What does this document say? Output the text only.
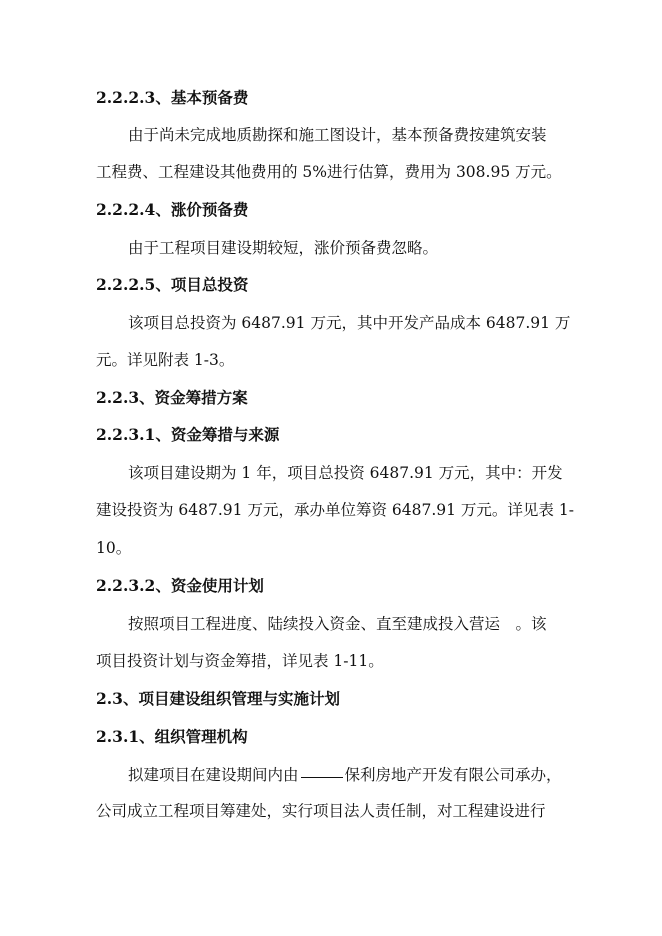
2.2.2.3、基本预备费
由于尚未完成地质勘探和施工图设计，基本预备费按建筑安装
工程费、工程建设其他费用的 5%进行估算，费用为 308.95 万元。
2.2.2.4、涨价预备费
由于工程项目建设期较短，涨价预备费忽略。
2.2.2.5、项目总投资
该项目总投资为 6487.91 万元，其中开发产品成本 6487.91 万
元。详见附表 1-3。
2.2.3、资金筹措方案
2.2.3.1、资金筹措与来源
该项目建设期为 1 年，项目总投资 6487.91 万元，其中：开发
建设投资为 6487.91 万元，承办单位筹资 6487.91 万元。详见表 1-
10。
2.2.3.2、资金使用计划
按照项目工程进度、陆续投入资金、直至建成投入营运　。该
项目投资计划与资金筹措，详见表 1-11。
2.3、项目建设组织管理与实施计划
2.3.1、组织管理机构
拟建项目在建设期间内由	保利房地产开发有限公司承办，
公司成立工程项目筹建处，实行项目法人责任制，对工程建设进行
